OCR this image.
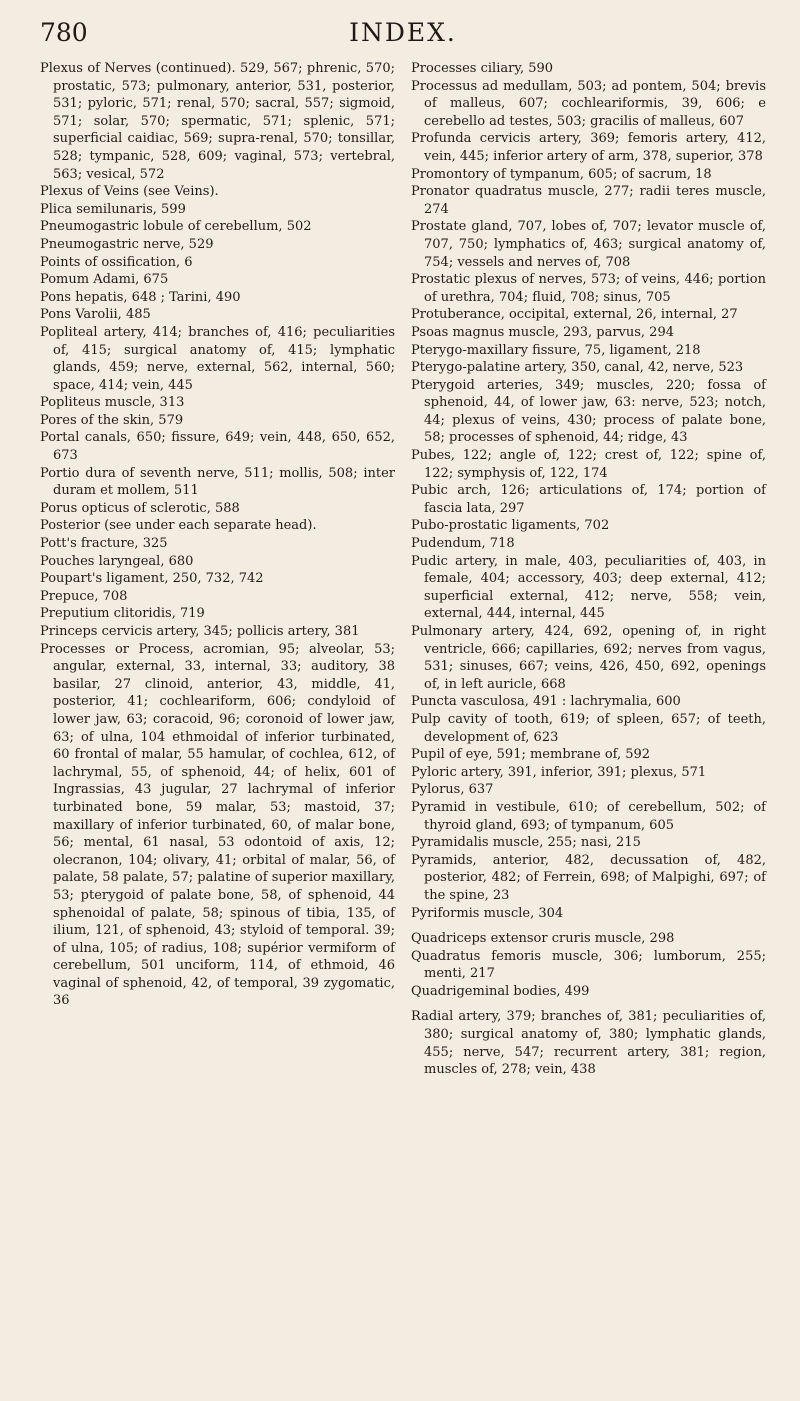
780	INDEX.

Plexus of Nerves (continued). 529, 567; phrenic, 570; prostatic, 573; pulmonary, anterior, 531, posterior, 531; pyloric, 571; renal, 570; sacral, 557; sigmoid, 571; solar, 570; spermatic, 571; splenic, 571; superficial caidiac, 569; supra-renal, 570; tonsillar, 528; tympanic, 528, 609; vaginal, 573; vertebral, 563; vesical, 572

Plexus of Veins (see Veins).

Plica semilunaris, 599

Pneumogastric lobule of cerebellum, 502

Pneumogastric nerve, 529

Points of ossification, 6

Pomum Adami, 675

Pons hepatis, 648 ; Tarini, 490

Pons Varolii, 485

Popliteal artery, 414; branches of, 416; peculiarities of, 415; surgical anatomy of, 415; lymphatic glands, 459; nerve, external, 562, internal, 560; space, 414; vein, 445

Popliteus muscle, 313

Pores of the skin, 579

Portal canals, 650; fissure, 649; vein, 448, 650, 652, 673

Portio dura of seventh nerve, 511; mollis, 508; inter duram et mollem, 511

Porus opticus of sclerotic, 588

Posterior (see under each separate head).

Pott's fracture, 325

Pouches laryngeal, 680

Poupart's ligament, 250, 732, 742

Prepuce, 708

Preputium clitoridis, 719

Princeps cervicis artery, 345; pollicis artery, 381

Processes or Process, acromian, 95; alveolar, 53; angular, external, 33, internal, 33; auditory, 38 basilar, 27 clinoid, anterior, 43, middle, 41, posterior, 41; cochleariform, 606; condyloid of lower jaw, 63; coracoid, 96; coronoid of lower jaw, 63; of ulna, 104 ethmoidal of inferior turbinated, 60 frontal of malar, 55 hamular, of cochlea, 612, of lachrymal, 55, of sphenoid, 44; of helix, 601 of Ingrassias, 43 jugular, 27 lachrymal of inferior turbinated bone, 59 malar, 53; mastoid, 37; maxillary of inferior turbinated, 60, of malar bone, 56; mental, 61 nasal, 53 odontoid of axis, 12; olecranon, 104; olivary, 41; orbital of malar, 56, of palate, 58 palate, 57; palatine of superior maxillary, 53; pterygoid of palate bone, 58, of sphenoid, 44 sphenoidal of palate, 58; spinous of tibia, 135, of ilium, 121, of sphenoid, 43; styloid of temporal. 39; of ulna, 105; of radius, 108; supérior vermiform of cerebellum, 501 unciform, 114, of ethmoid, 46 vaginal of sphenoid, 42, of temporal, 39 zygomatic, 36

Processes ciliary, 590

Processus ad medullam, 503; ad pontem, 504; brevis of malleus, 607; cochleariformis, 39, 606; e cerebello ad testes, 503; gracilis of malleus, 607

Profunda cervicis artery, 369; femoris artery, 412, vein, 445; inferior artery of arm, 378, superior, 378

Promontory of tympanum, 605; of sacrum, 18

Pronator quadratus muscle, 277; radii teres muscle, 274

Prostate gland, 707, lobes of, 707; levator muscle of, 707, 750; lymphatics of, 463; surgical anatomy of, 754; vessels and nerves of, 708

Prostatic plexus of nerves, 573; of veins, 446; portion of urethra, 704; fluid, 708; sinus, 705

Protuberance, occipital, external, 26, internal, 27

Psoas magnus muscle, 293, parvus, 294

Pterygo-maxillary fissure, 75, ligament, 218

Pterygo-palatine artery, 350, canal, 42, nerve, 523

Pterygoid arteries, 349; muscles, 220; fossa of sphenoid, 44, of lower jaw, 63: nerve, 523; notch, 44; plexus of veins, 430; process of palate bone, 58; processes of sphenoid, 44; ridge, 43

Pubes, 122; angle of, 122; crest of, 122; spine of, 122; symphysis of, 122, 174

Pubic arch, 126; articulations of, 174; portion of fascia lata, 297

Pubo-prostatic ligaments, 702

Pudendum, 718

Pudic artery, in male, 403, peculiarities of, 403, in female, 404; accessory, 403; deep external, 412; superficial external, 412; nerve, 558; vein, external, 444, internal, 445

Pulmonary artery, 424, 692, opening of, in right ventricle, 666; capillaries, 692; nerves from vagus, 531; sinuses, 667; veins, 426, 450, 692, openings of, in left auricle, 668

Puncta vasculosa, 491 : lachrymalia, 600

Pulp cavity of tooth, 619; of spleen, 657; of teeth, development of, 623

Pupil of eye, 591; membrane of, 592

Pyloric artery, 391, inferior, 391; plexus, 571

Pylorus, 637

Pyramid in vestibule, 610; of cerebellum, 502; of thyroid gland, 693; of tympanum, 605

Pyramidalis muscle, 255; nasi, 215

Pyramids, anterior, 482, decussation of, 482, posterior, 482; of Ferrein, 698; of Malpighi, 697; of the spine, 23

Pyriformis muscle, 304

Quadriceps extensor cruris muscle, 298

Quadratus femoris muscle, 306; lumborum, 255; menti, 217

Quadrigeminal bodies, 499

Radial artery, 379; branches of, 381; peculiarities of, 380; surgical anatomy of, 380; lymphatic glands, 455; nerve, 547; recurrent artery, 381; region, muscles of, 278; vein, 438
